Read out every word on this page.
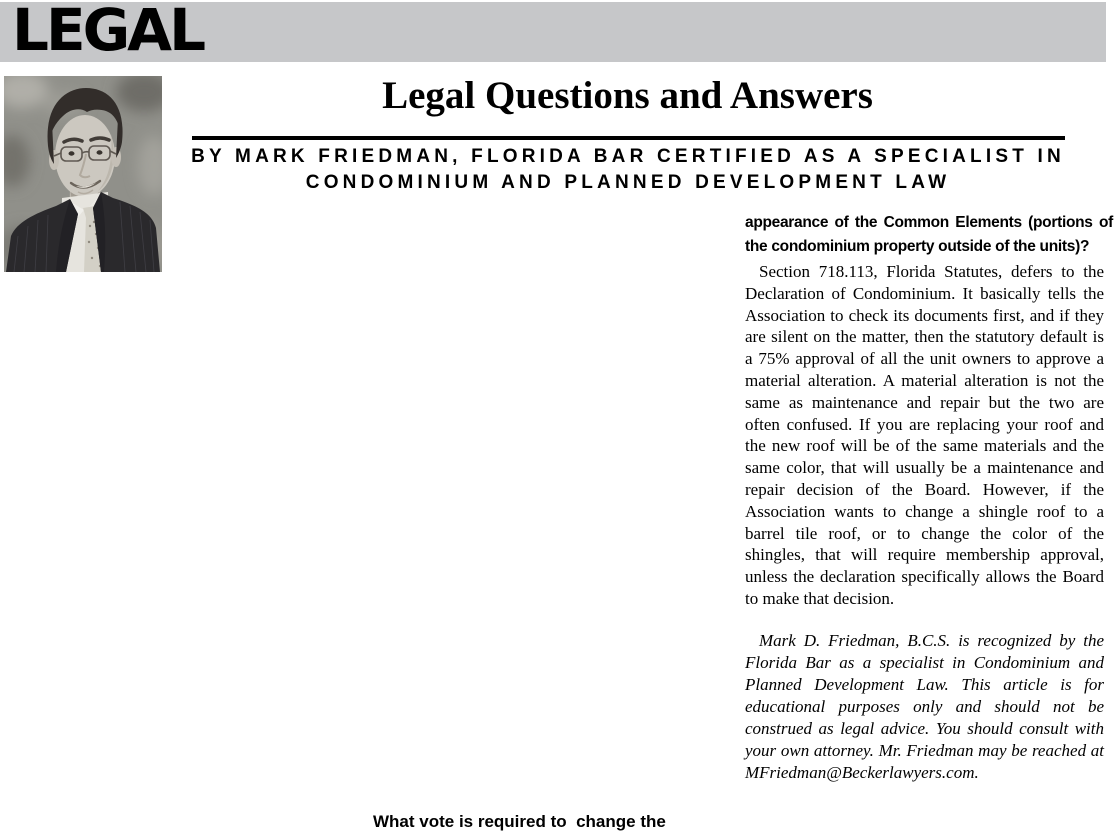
LEGAL
Legal Questions and Answers
BY MARK FRIEDMAN, FLORIDA BAR CERTIFIED AS A SPECIALIST IN CONDOMINIUM AND PLANNED DEVELOPMENT LAW
appearance of the Common Elements (portions of the condominium property outside of the units)?
Section 718.113, Florida Statutes, defers to the Declaration of Condominium. It basically tells the Association to check its documents first, and if they are silent on the matter, then the statutory default is a 75% approval of all the unit owners to approve a material alteration. A material alteration is not the same as maintenance and repair but the two are often confused. If you are replacing your roof and the new roof will be of the same materials and the same color, that will usually be a maintenance and repair decision of the Board. However, if the Association wants to change a shingle roof to a barrel tile roof, or to change the color of the shingles, that will require membership approval, unless the declaration specifically allows the Board to make that decision.
Mark D. Friedman, B.C.S. is recognized by the Florida Bar as a specialist in Condominium and Planned Development Law. This article is for educational purposes only and should not be construed as legal advice. You should consult with your own attorney. Mr. Friedman may be reached at MFriedman@Beckerlawyers.com.
What vote is required to  change the
